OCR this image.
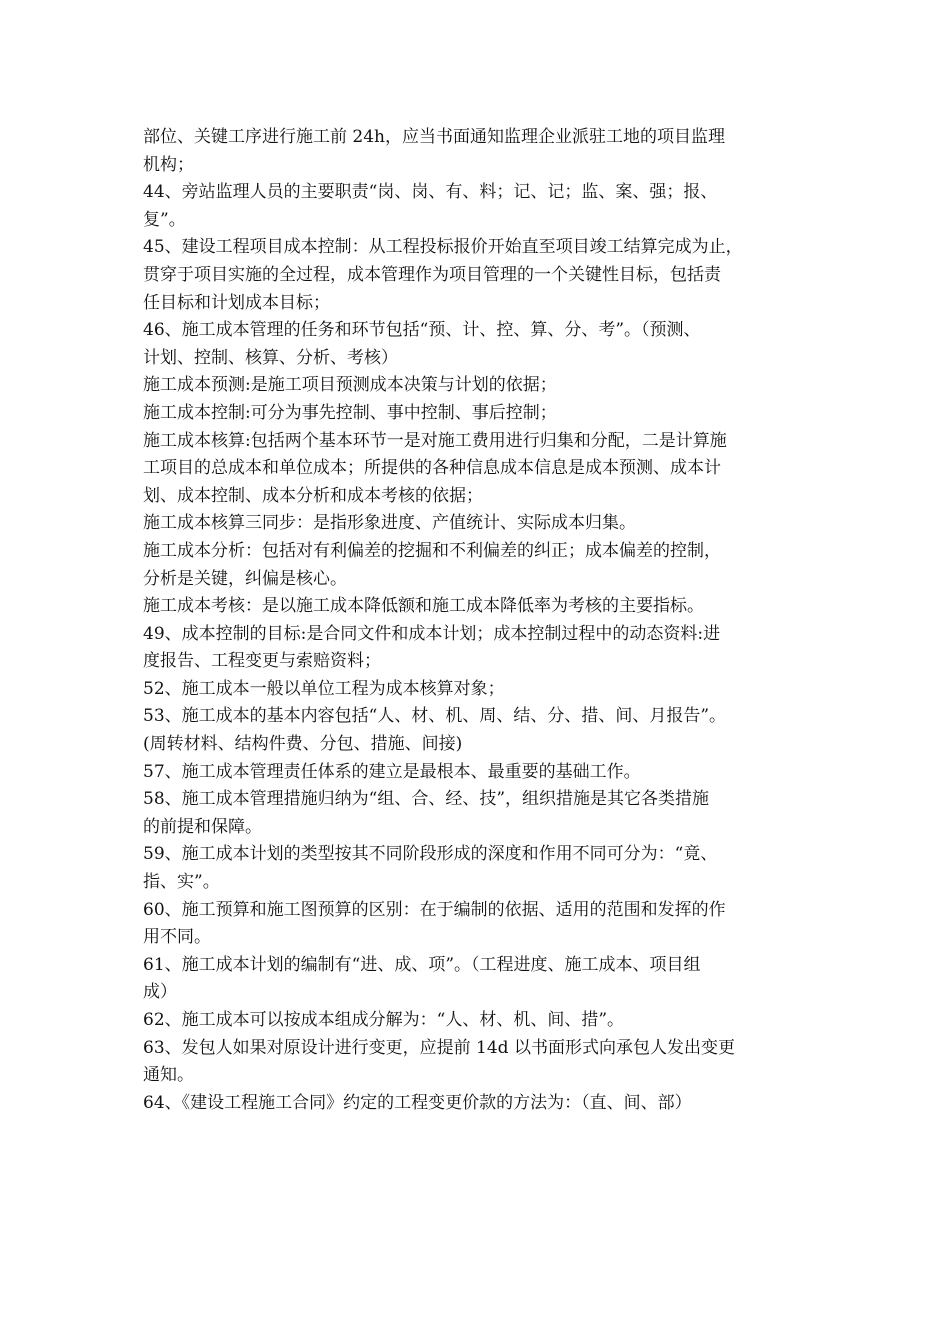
部位、关键工序进行施工前 24h，应当书面通知监理企业派驻工地的项目监理
机构；
44、旁站监理人员的主要职责“岗、岗、有、料；记、记；监、案、强；报、
复”。
45、建设工程项目成本控制：从工程投标报价开始直至项目竣工结算完成为止，
贯穿于项目实施的全过程，成本管理作为项目管理的一个关键性目标，包括责
任目标和计划成本目标；
46、施工成本管理的任务和环节包括“预、计、控、算、分、考”。（预测、
计划、控制、核算、分析、考核）
施工成本预测:是施工项目预测成本决策与计划的依据；
施工成本控制:可分为事先控制、事中控制、事后控制；
施工成本核算:包括两个基本环节一是对施工费用进行归集和分配，二是计算施
工项目的总成本和单位成本；所提供的各种信息成本信息是成本预测、成本计
划、成本控制、成本分析和成本考核的依据；
施工成本核算三同步：是指形象进度、产值统计、实际成本归集。
施工成本分析：包括对有利偏差的挖掘和不利偏差的纠正；成本偏差的控制，
分析是关键，纠偏是核心。
施工成本考核：是以施工成本降低额和施工成本降低率为考核的主要指标。
49、成本控制的目标:是合同文件和成本计划；成本控制过程中的动态资料:进
度报告、工程变更与索赔资料；
52、施工成本一般以单位工程为成本核算对象；
53、施工成本的基本内容包括“人、材、机、周、结、分、措、间、月报告”。
(周转材料、结构件费、分包、措施、间接)
57、施工成本管理责任体系的建立是最根本、最重要的基础工作。
58、施工成本管理措施归纳为“组、合、经、技”，组织措施是其它各类措施
的前提和保障。
59、施工成本计划的类型按其不同阶段形成的深度和作用不同可分为：“竟、
指、实”。
60、施工预算和施工图预算的区别：在于编制的依据、适用的范围和发挥的作
用不同。
61、施工成本计划的编制有“进、成、项”。（工程进度、施工成本、项目组
成）
62、施工成本可以按成本组成分解为：“人、材、机、间、措”。
63、发包人如果对原设计进行变更，应提前 14d 以书面形式向承包人发出变更
通知。
64、《建设工程施工合同》约定的工程变更价款的方法为：（直、间、部）
